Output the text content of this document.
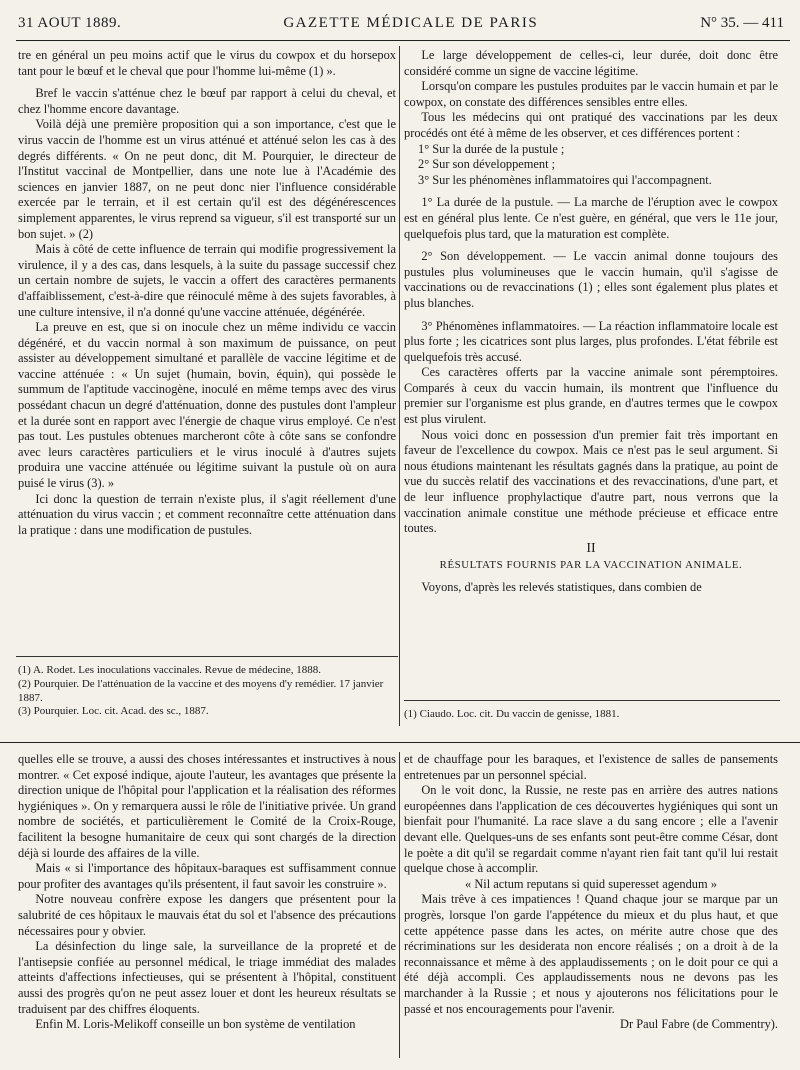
31 AOUT 1889.	GAZETTE MÉDICALE DE PARIS	N° 35. — 411

tre en général un peu moins actif que le virus du cowpox et du horsepox tant pour le bœuf et le cheval que pour l'homme lui-même (1) ».

Bref le vaccin s'atténue chez le bœuf par rapport à celui du cheval, et chez l'homme encore davantage.

Voilà déjà une première proposition qui a son importance, c'est que le virus vaccin de l'homme est un virus atténué et atténué selon les cas à des degrés différents. « On ne peut donc, dit M. Pourquier, le directeur de l'Institut vaccinal de Montpellier, dans une note lue à l'Académie des sciences en janvier 1887, on ne peut donc nier l'influence considérable exercée par le terrain, et il est certain qu'il est des dégénérescences simplement apparentes, le virus reprend sa vigueur, s'il est transporté sur un bon sujet. » (2)

Mais à côté de cette influence de terrain qui modifie progressivement la virulence, il y a des cas, dans lesquels, à la suite du passage successif chez un certain nombre de sujets, le vaccin a offert des caractères permanents d'affaiblissement, c'est-à-dire que réinoculé même à des sujets favorables, à une culture intensive, il n'a donné qu'une vaccine atténuée, dégénérée.

La preuve en est, que si on inocule chez un même individu ce vaccin dégénéré, et du vaccin normal à son maximum de puissance, on peut assister au développement simultané et parallèle de vaccine légitime et de vaccine atténuée : « Un sujet (humain, bovin, équin), qui possède le summum de l'aptitude vaccinogène, inoculé en même temps avec des virus possédant chacun un degré d'atténuation, donne des pustules dont l'ampleur et la durée sont en rapport avec l'énergie de chaque virus employé. Ce n'est pas tout. Les pustules obtenues marcheront côte à côte sans se confondre avec leurs caractères particuliers et le virus inoculé à d'autres sujets produira une vaccine atténuée ou légitime suivant la pustule où on aura puisé le virus (3). »

Ici donc la question de terrain n'existe plus, il s'agit réellement d'une atténuation du virus vaccin ; et comment reconnaître cette atténuation dans la pratique : dans une modification de pustules.

(1) A. Rodet. Les inoculations vaccinales. Revue de médecine, 1888.

(2) Pourquier. De l'atténuation de la vaccine et des moyens d'y remédier. 17 janvier 1887.

(3) Pourquier. Loc. cit. Acad. des sc., 1887.

Le large développement de celles-ci, leur durée, doit donc être considéré comme un signe de vaccine légitime.

Lorsqu'on compare les pustules produites par le vaccin humain et par le cowpox, on constate des différences sensibles entre elles.

Tous les médecins qui ont pratiqué des vaccinations par les deux procédés ont été à même de les observer, et ces différences portent :

1° Sur la durée de la pustule ;

2° Sur son développement ;

3° Sur les phénomènes inflammatoires qui l'accompagnent.

1° La durée de la pustule. — La marche de l'éruption avec le cowpox est en général plus lente. Ce n'est guère, en général, que vers le 11e jour, quelquefois plus tard, que la maturation est complète.

2° Son développement. — Le vaccin animal donne toujours des pustules plus volumineuses que le vaccin humain, qu'il s'agisse de vaccinations ou de revaccinations (1) ; elles sont également plus plates et plus blanches.

3° Phénomènes inflammatoires. — La réaction inflammatoire locale est plus forte ; les cicatrices sont plus larges, plus profondes. L'état fébrile est quelquefois très accusé.

Ces caractères offerts par la vaccine animale sont péremptoires. Comparés à ceux du vaccin humain, ils montrent que l'influence du premier sur l'organisme est plus grande, en d'autres termes que le cowpox est plus virulent.

Nous voici donc en possession d'un premier fait très important en faveur de l'excellence du cowpox. Mais ce n'est pas le seul argument. Si nous étudions maintenant les résultats gagnés dans la pratique, au point de vue du succès relatif des vaccinations et des revaccinations, d'une part, et de leur influence prophylactique d'autre part, nous verrons que la vaccination animale constitue une méthode précieuse et efficace entre toutes.

II

RÉSULTATS FOURNIS PAR LA VACCINATION ANIMALE.

Voyons, d'après les relevés statistiques, dans combien de

(1) Ciaudo. Loc. cit. Du vaccin de genisse, 1881.

quelles elle se trouve, a aussi des choses intéressantes et instructives à nous montrer. « Cet exposé indique, ajoute l'auteur, les avantages que présente la direction unique de l'hôpital pour l'application et la réalisation des réformes hygiéniques ». On y remarquera aussi le rôle de l'initiative privée. Un grand nombre de sociétés, et particulièrement le Comité de la Croix-Rouge, facilitent la besogne humanitaire de ceux qui sont chargés de la direction déjà si lourde des affaires de la ville.

Mais « si l'importance des hôpitaux-baraques est suffisamment connue pour profiter des avantages qu'ils présentent, il faut savoir les construire ».

Notre nouveau confrère expose les dangers que présentent pour la salubrité de ces hôpitaux le mauvais état du sol et l'absence des précautions nécessaires pour y obvier.

La désinfection du linge sale, la surveillance de la propreté et de l'antisepsie confiée au personnel médical, le triage immédiat des malades atteints d'affections infectieuses, qui se présentent à l'hôpital, constituent aussi des progrès qu'on ne peut assez louer et dont les heureux résultats se traduisent par des chiffres éloquents.

Enfin M. Loris-Melikoff conseille un bon système de ventilation

et de chauffage pour les baraques, et l'existence de salles de pansements entretenues par un personnel spécial.

On le voit donc, la Russie, ne reste pas en arrière des autres nations européennes dans l'application de ces découvertes hygiéniques qui sont un bienfait pour l'humanité. La race slave a du sang encore ; elle a l'avenir devant elle. Quelques-uns de ses enfants sont peut-être comme César, dont le poète a dit qu'il se regardait comme n'ayant rien fait tant qu'il lui restait quelque chose à accomplir.

« Nil actum reputans si quid superesset agendum »

Mais trêve à ces impatiences ! Quand chaque jour se marque par un progrès, lorsque l'on garde l'appétence du mieux et du plus haut, et que cette appétence passe dans les actes, on mérite autre chose que des récriminations sur les desiderata non encore réalisés ; on a droit à de la reconnaissance et même à des applaudissements ; on le doit pour ce qui a été déjà accompli. Ces applaudissements nous ne devons pas les marchander à la Russie ; et nous y ajouterons nos félicitations pour le passé et nos encouragements pour l'avenir.

Dr Paul Fabre (de Commentry).
